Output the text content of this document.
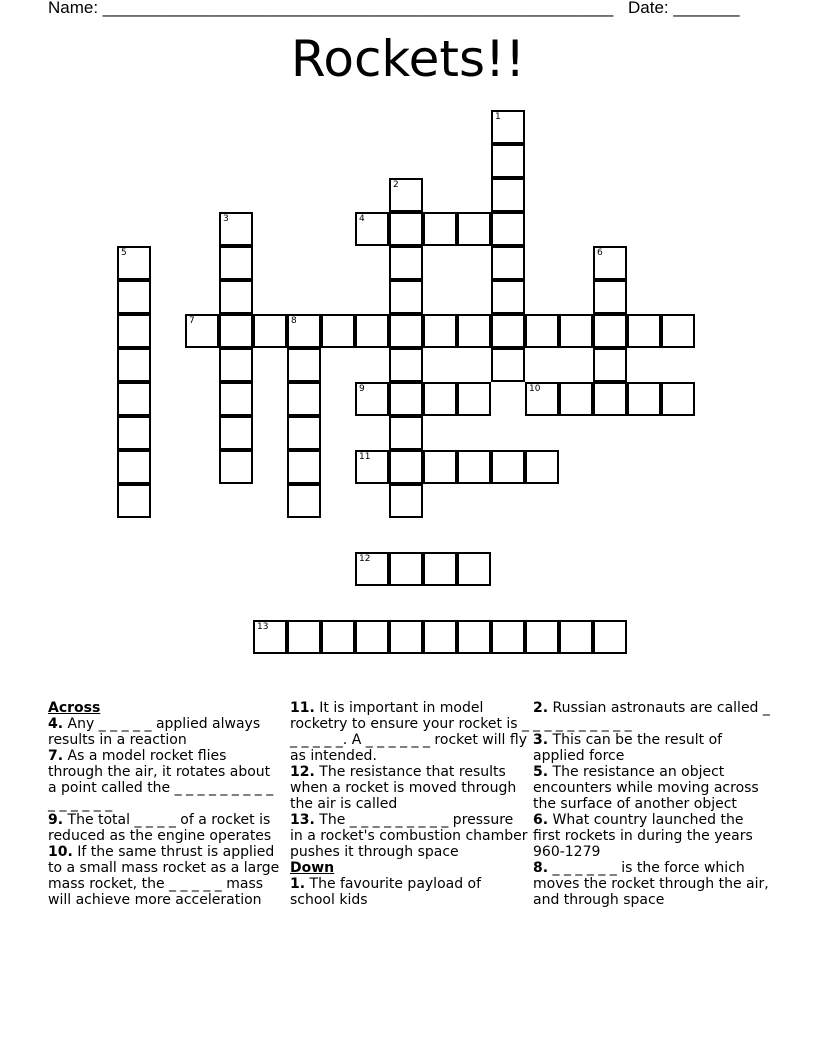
Name: ______________________________________________________ Date: _______
Rockets!!
1
2
3	4
5	6
7	8
9	10
11
12
13

Across

4. Any _ _ _ _ _ applied always results in a reaction

7. As a model rocket flies through the air, it rotates about a point called the _ _ _ _ _ _ _ _ _ _ _ _ _ _ _

9. The total _ _ _ _ of a rocket is reduced as the engine operates

10. If the same thrust is applied to a small mass rocket as a large mass rocket, the _ _ _ _ _ mass will achieve more acceleration

11. It is important in model rocketry to ensure your rocket is _ _ _ _ _ _. A _ _ _ _ _ _ rocket will fly as intended.

12. The resistance that results when a rocket is moved through the air is called

13. The _ _ _ _ _ _ _ _ _ pressure in a rocket's combustion chamber pushes it through space

Down

1. The favourite payload of school kids

2. Russian astronauts are called _ _ _ _ _ _ _ _ _ _

3. This can be the result of applied force

5. The resistance an object encounters while moving across the surface of another object

6. What country launched the first rockets in during the years 960-1279

8. _ _ _ _ _ _ is the force which moves the rocket through the air, and through space
